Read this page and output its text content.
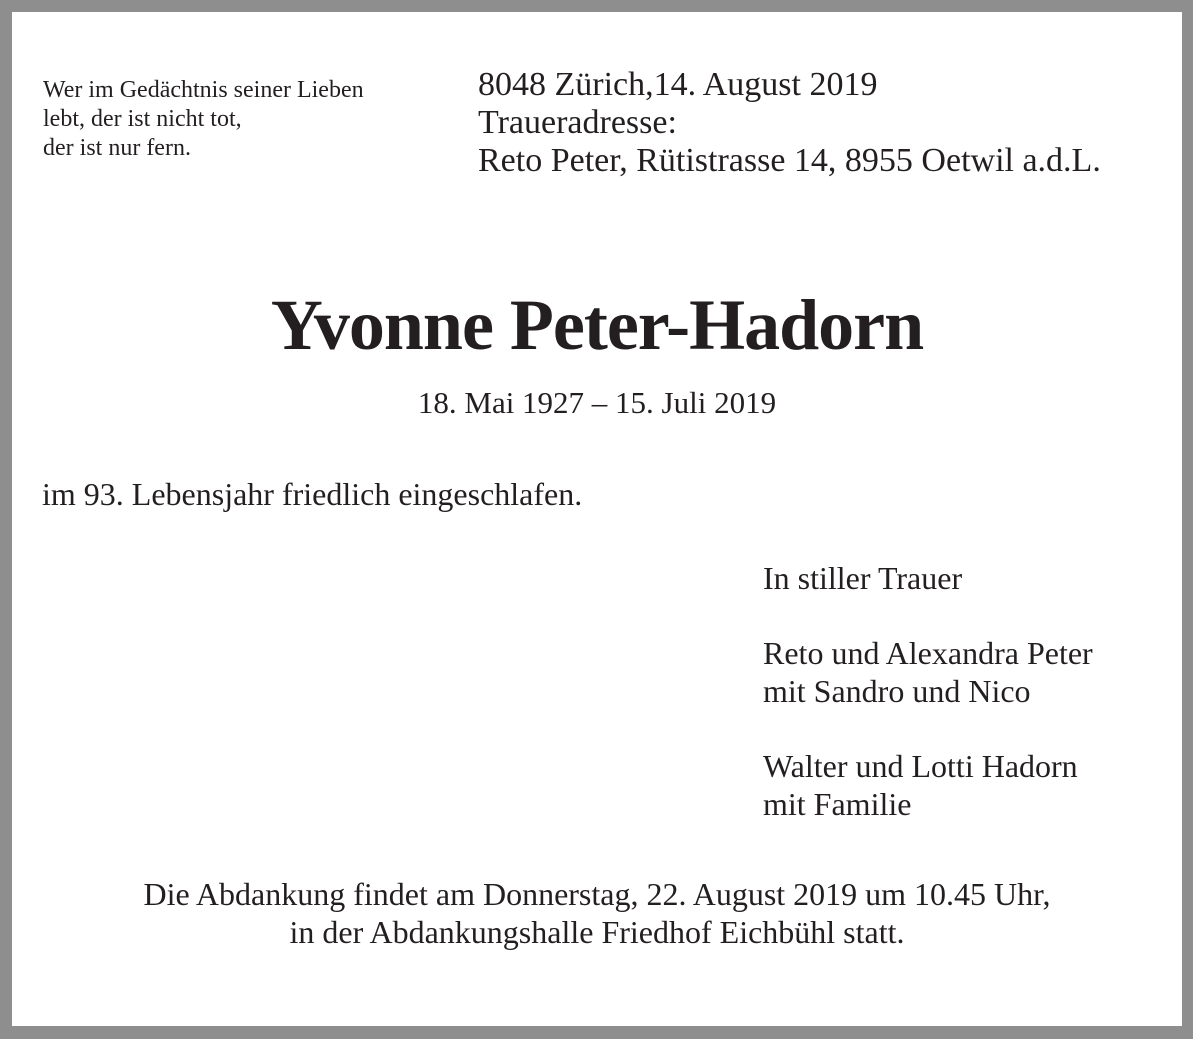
Wer im Gedächtnis seiner Lieben
lebt, der ist nicht tot,
der ist nur fern.
8048 Zürich,14. August 2019
Traueradresse:
Reto Peter, Rütistrasse 14, 8955 Oetwil a.d.L.
Yvonne Peter-Hadorn
18. Mai 1927 – 15. Juli 2019
im 93. Lebensjahr friedlich eingeschlafen.
In stiller Trauer
Reto und Alexandra Peter
mit Sandro und Nico
Walter und Lotti Hadorn
mit Familie
Die Abdankung findet am Donnerstag, 22. August 2019 um 10.45 Uhr,
in der Abdankungshalle Friedhof Eichbühl statt.
